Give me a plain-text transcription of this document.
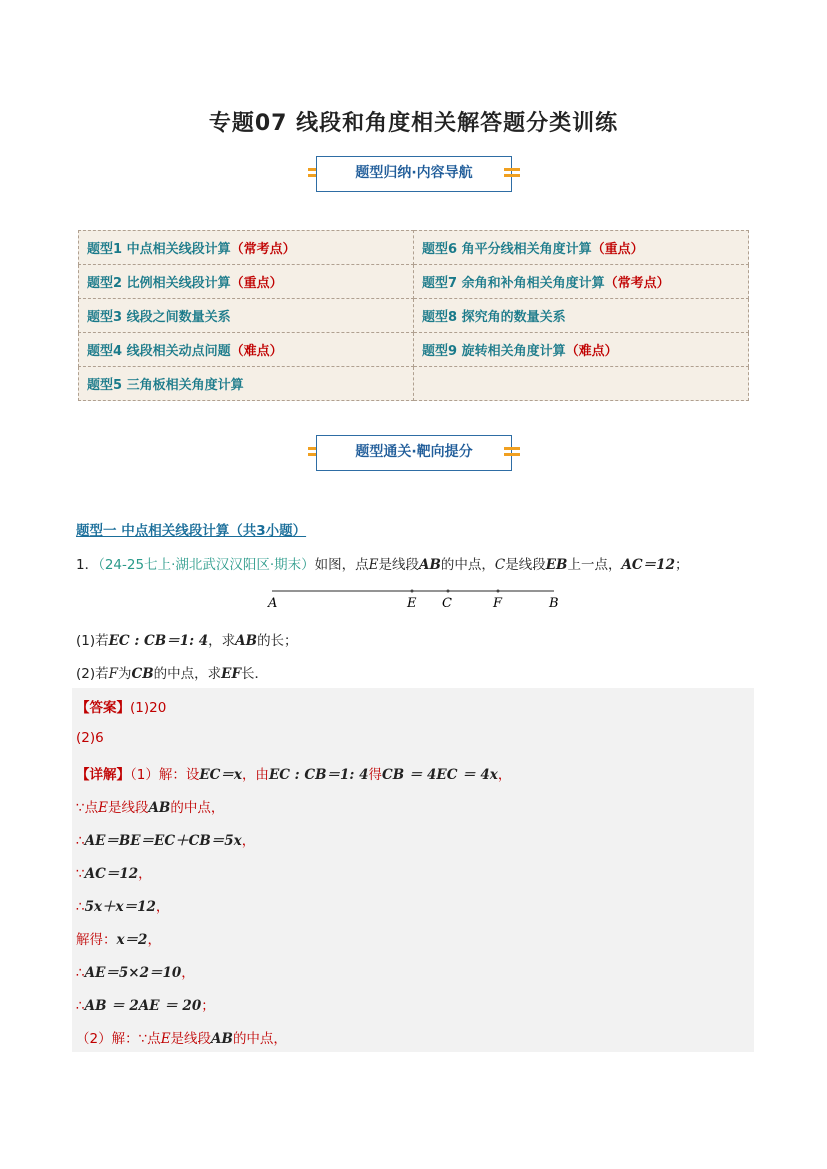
专题07 线段和角度相关解答题分类训练
题型归纳·内容导航
题型1 中点相关线段计算（常考点）	题型6 角平分线相关角度计算（重点）
题型2 比例相关线段计算（重点）	题型7 余角和补角相关角度计算（常考点）
题型3 线段之间数量关系	题型8 探究角的数量关系
题型4 线段相关动点问题（难点）	题型9 旋转相关角度计算（难点）
题型5 三角板相关角度计算	
题型通关·靶向提分
题型一 中点相关线段计算（共3小题）
1．（24-25七上·湖北武汉汉阳区·期末）如图，点E是线段AB的中点，C是线段EB上一点，AC＝12；
A	E C	F	B
(1)若EC : CB＝1: 4，求AB的长；
(2)若F为CB的中点，求EF长．
【答案】(1)20
(2)6
【详解】（1）解：设EC＝x，由EC : CB＝1: 4得CB ＝ 4EC ＝ 4x，
∵点E是线段AB的中点，
∴AE＝BE＝EC＋CB＝5x，
∵AC＝12，
∴5x＋x＝12，
解得：x＝2，
∴AE＝5×2＝10，
∴AB ＝ 2AE ＝ 20；
（2）解：∵点E是线段AB的中点，
